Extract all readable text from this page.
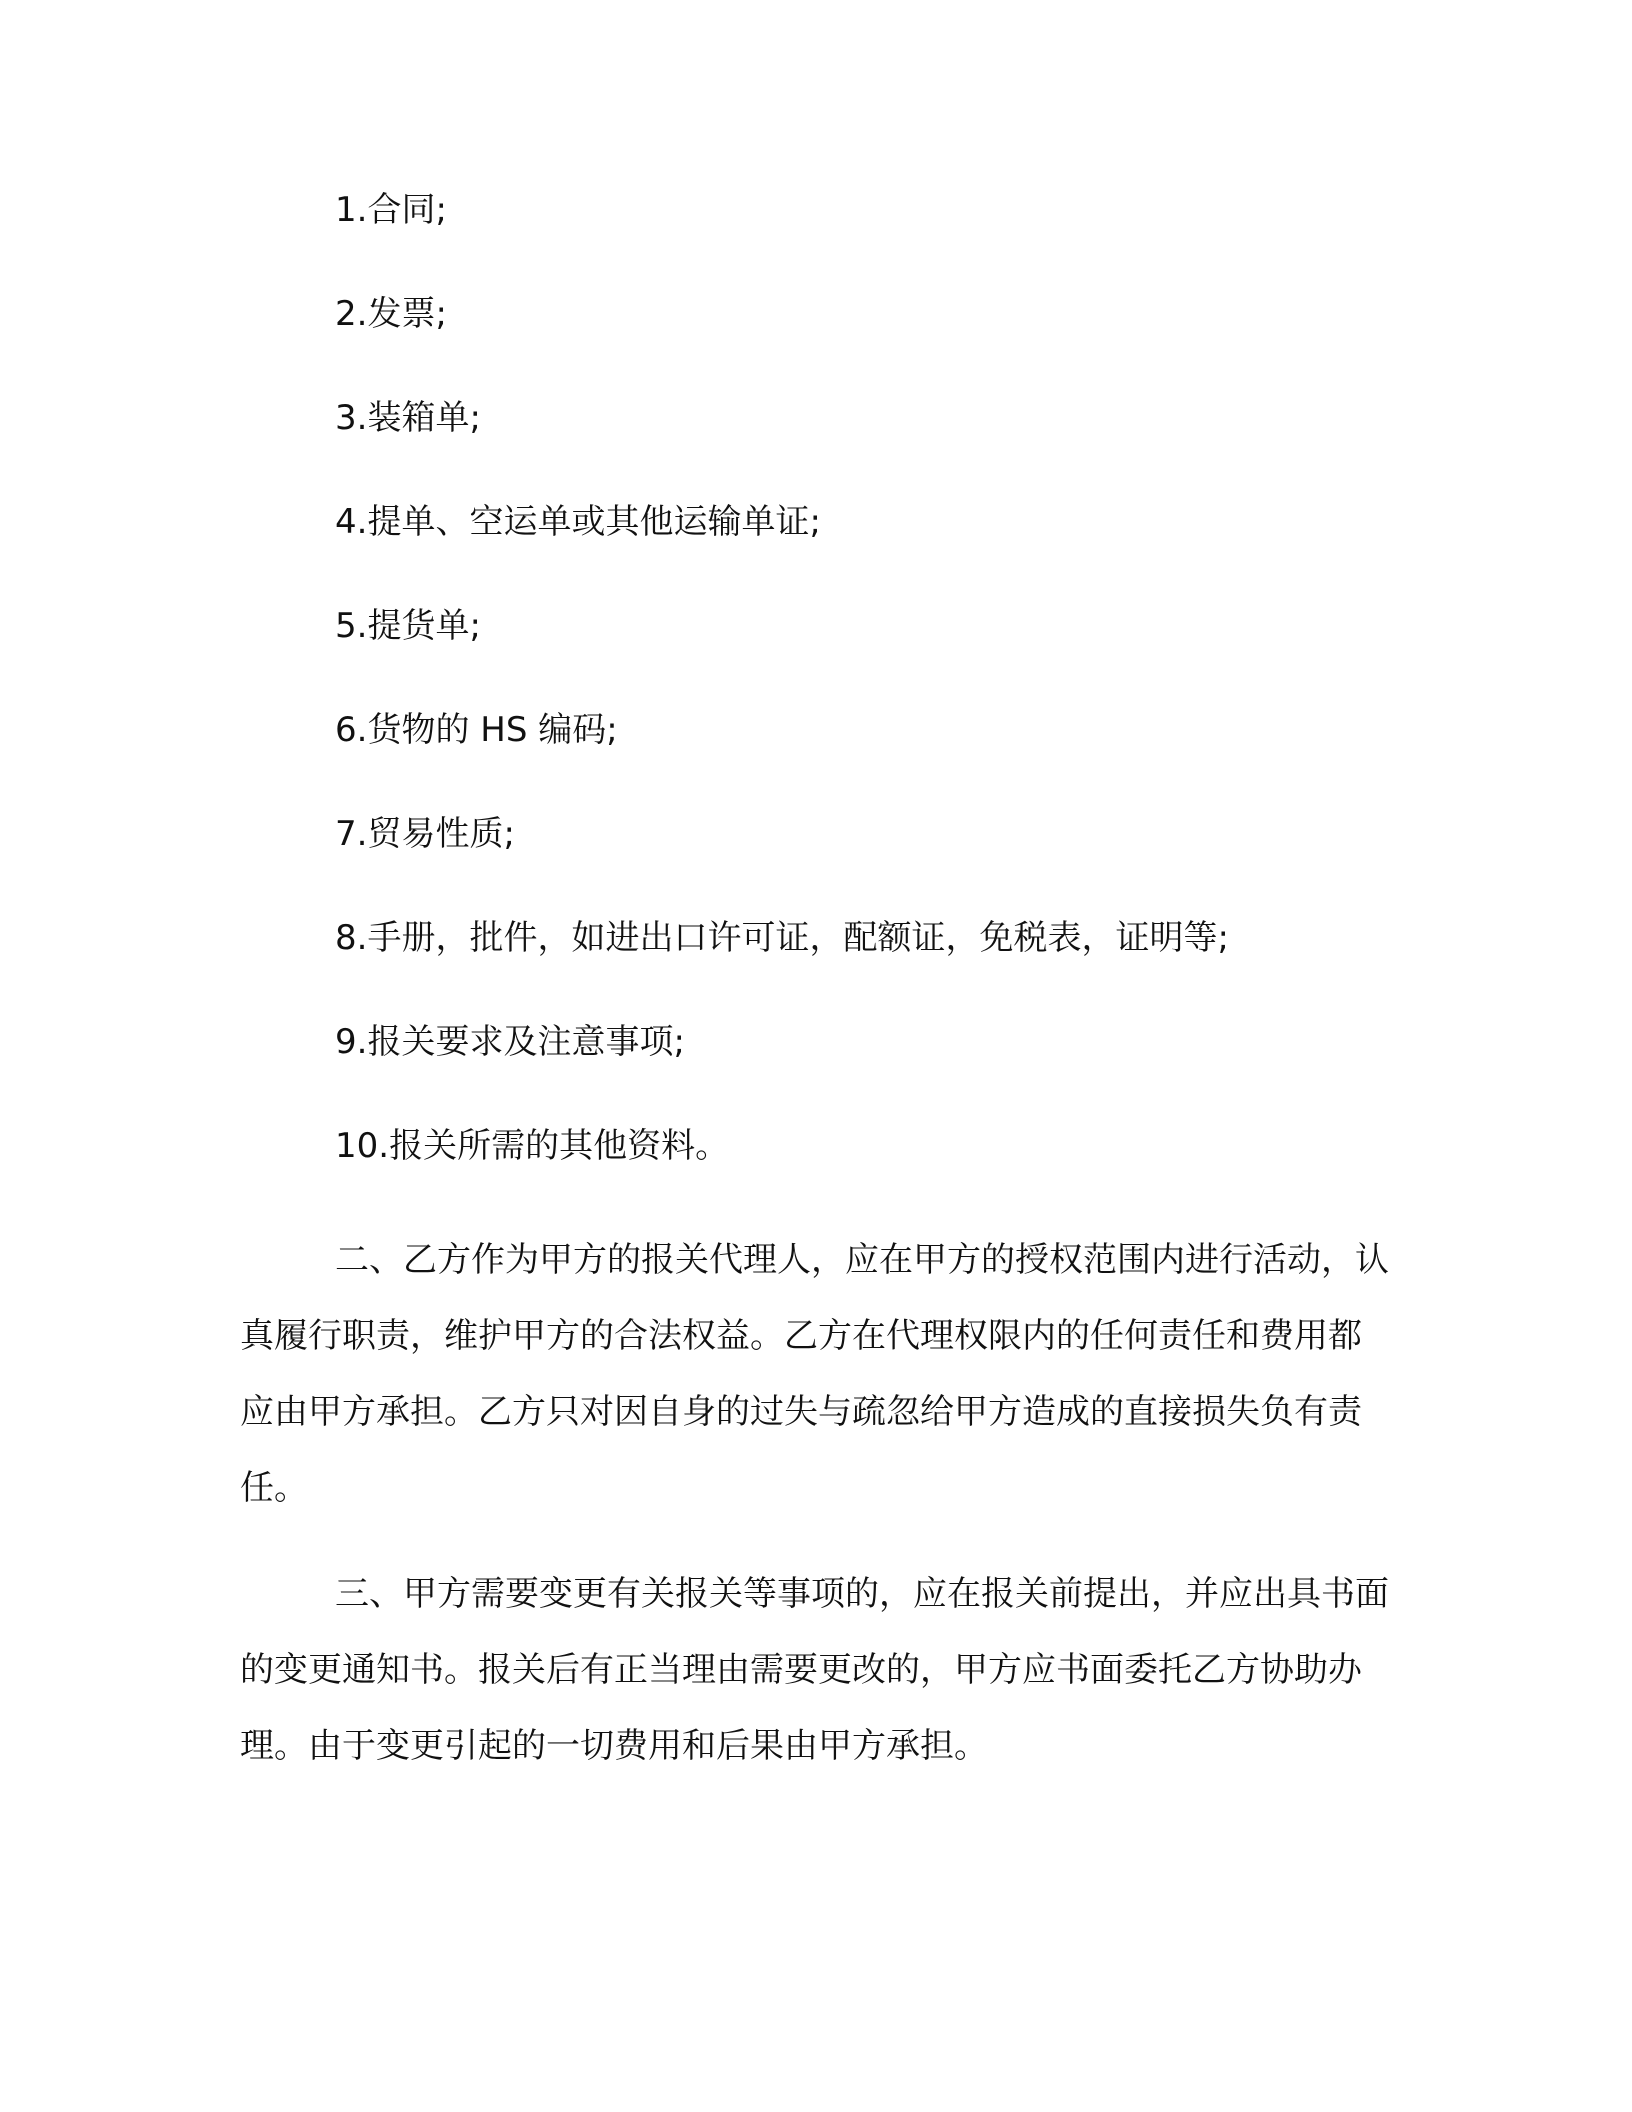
1.合同;
2.发票;
3.装箱单;
4.提单、空运单或其他运输单证;
5.提货单;
6.货物的 HS 编码;
7.贸易性质;
8.手册，批件，如进出口许可证，配额证，免税表，证明等;
9.报关要求及注意事项;
10.报关所需的其他资料。

二、乙方作为甲方的报关代理人，应在甲方的授权范围内进行活动，认真履行职责，维护甲方的合法权益。乙方在代理权限内的任何责任和费用都应由甲方承担。乙方只对因自身的过失与疏忽给甲方造成的直接损失负有责任。

三、甲方需要变更有关报关等事项的，应在报关前提出，并应出具书面的变更通知书。报关后有正当理由需要更改的，甲方应书面委托乙方协助办理。由于变更引起的一切费用和后果由甲方承担。
